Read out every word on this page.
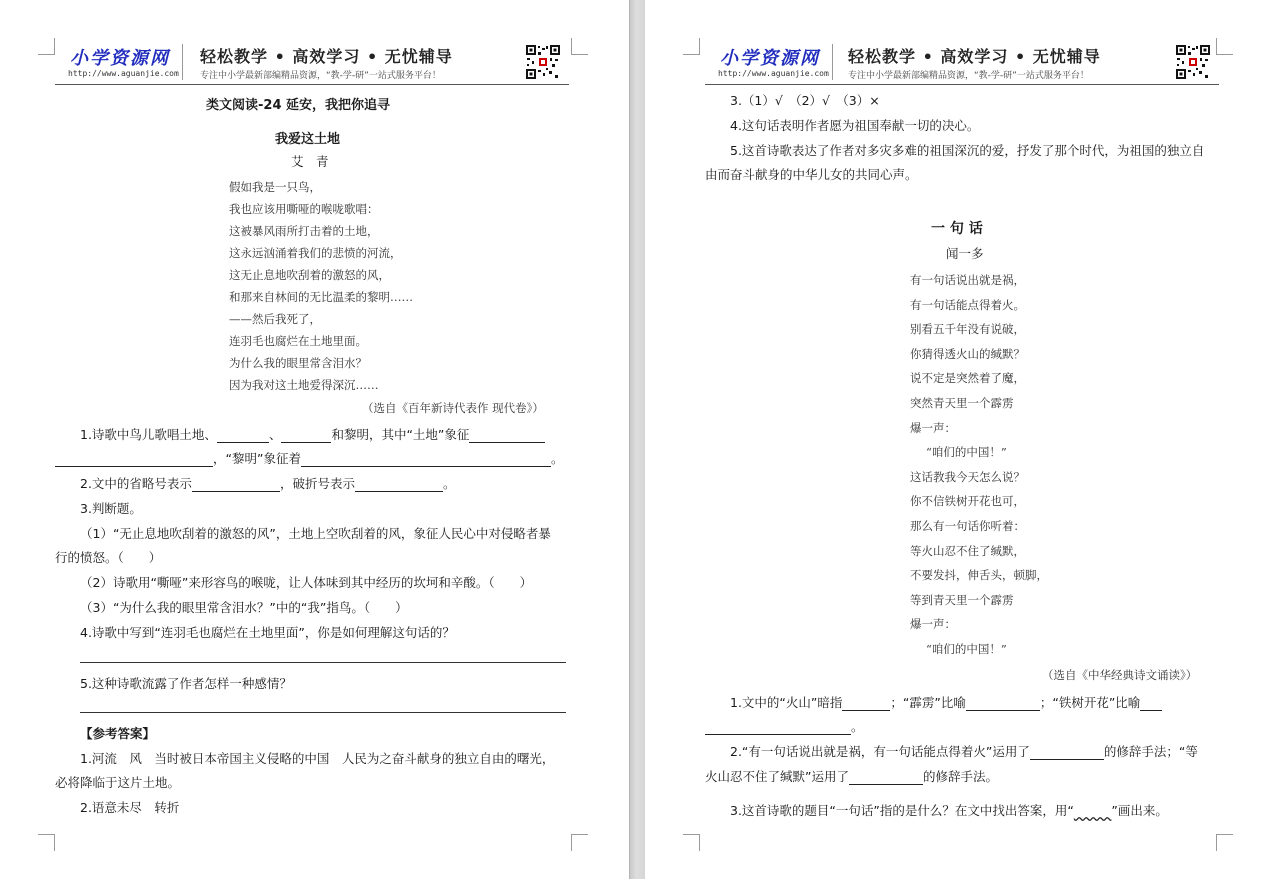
小学资源网
http://www.aguanjie.com
轻松教学 • 高效学习 • 无忧辅导
专注中小学最新部编精品资源，“教-学-研”一站式服务平台！
类文阅读-24 延安，我把你追寻
我爱这土地
艾　青
假如我是一只鸟，
我也应该用嘶哑的喉咙歌唱：
这被暴风雨所打击着的土地，
这永远汹涌着我们的悲愤的河流，
这无止息地吹刮着的激怒的风，
和那来自林间的无比温柔的黎明……
——然后我死了，
连羽毛也腐烂在土地里面。
为什么我的眼里常含泪水？
因为我对这土地爱得深沉……
（选自《百年新诗代表作 现代卷》）
1.诗歌中鸟儿歌唱土地、	、	和黎明，其中“土地”象征
，“黎明”象征着	。
2.文中的省略号表示	，破折号表示	。
3.判断题。
（1）“无止息地吹刮着的激怒的风”，土地上空吹刮着的风，象征人民心中对侵略者暴
行的愤怒。（　　）
（2）诗歌用“嘶哑”来形容鸟的喉咙，让人体味到其中经历的坎坷和辛酸。（　　）
（3）“为什么我的眼里常含泪水？”中的“我”指鸟。（　　）
4.诗歌中写到“连羽毛也腐烂在土地里面”，你是如何理解这句话的？
5.这种诗歌流露了作者怎样一种感情？
【参考答案】
1.河流　风　当时被日本帝国主义侵略的中国　人民为之奋斗献身的独立自由的曙光，
必将降临于这片土地。
2.语意未尽　转折
小学资源网
http://www.aguanjie.com
轻松教学 • 高效学习 • 无忧辅导
专注中小学最新部编精品资源，“教-学-研”一站式服务平台！
3.（1）√　（2）√　（3）×
4.这句话表明作者愿为祖国奉献一切的决心。
5.这首诗歌表达了作者对多灾多难的祖国深沉的爱，抒发了那个时代，为祖国的独立自
由而奋斗献身的中华儿女的共同心声。
一 句 话
闻一多
有一句话说出就是祸，
有一句话能点得着火。
别看五千年没有说破，
你猜得透火山的缄默？
说不定是突然着了魔，
突然青天里一个霹雳
爆一声：
“咱们的中国！”
这话教我今天怎么说？
你不信铁树开花也可，
那么有一句话你听着：
等火山忍不住了缄默，
不要发抖，伸舌头，顿脚，
等到青天里一个霹雳
爆一声：
“咱们的中国！”
（选自《中华经典诗文诵读》）
1.文中的“火山”暗指	；“霹雳”比喻	；“铁树开花”比喻
。
2.“有一句话说出就是祸，有一句话能点得着火”运用了	的修辞手法；“等
火山忍不住了缄默”运用了	的修辞手法。
3.这首诗歌的题目“一句话”指的是什么？在文中找出答案，用“　　　	”画出来。
